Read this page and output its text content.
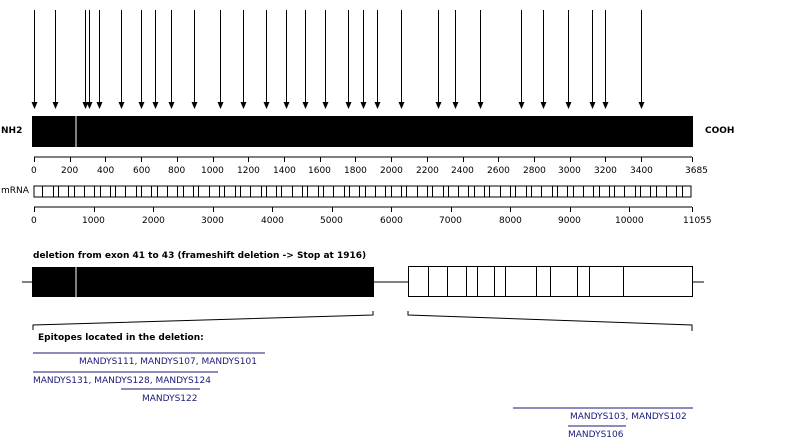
NH2	COOH
0	200 400 600 800 1000 1200 1400 1600 1800 2000 2200 2400 2600 2800 3000 3200 3400	3685
mRNA
0	1000	2000	3000	4000	5000	6000	7000	8000	9000	10000	11055
deletion from exon 41 to 43 (frameshift deletion -> Stop at 1916)
Epitopes located in the deletion:
MANDYS111, MANDYS107, MANDYS101
MANDYS131, MANDYS128, MANDYS124
MANDYS122
MANDYS103, MANDYS102
MANDYS106
